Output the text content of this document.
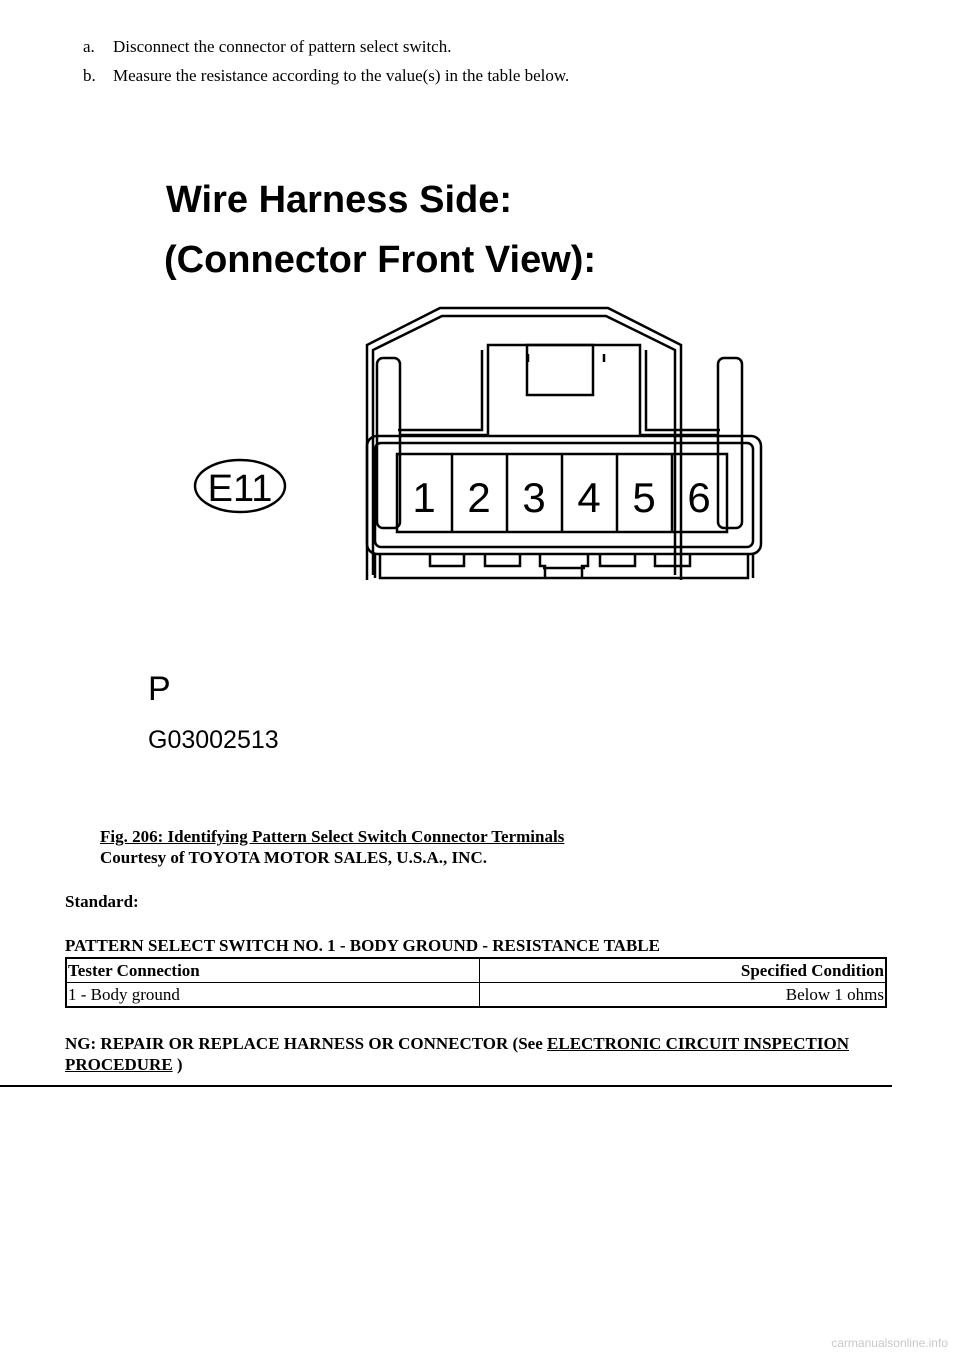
a. Disconnect the connector of pattern select switch.
b. Measure the resistance according to the value(s) in the table below.
Wire Harness Side:
(Connector Front View):
1 2 3 4 5 6
E11
P
G03002513
Fig. 206: Identifying Pattern Select Switch Connector Terminals
Courtesy of TOYOTA MOTOR SALES, U.S.A., INC.
Standard:
PATTERN SELECT SWITCH NO. 1 - BODY GROUND - RESISTANCE TABLE
Tester Connection	Specified Condition
1 - Body ground	Below 1 ohms
NG: REPAIR OR REPLACE HARNESS OR CONNECTOR (See ELECTRONIC CIRCUIT INSPECTION PROCEDURE )
carmanualsonline.info
